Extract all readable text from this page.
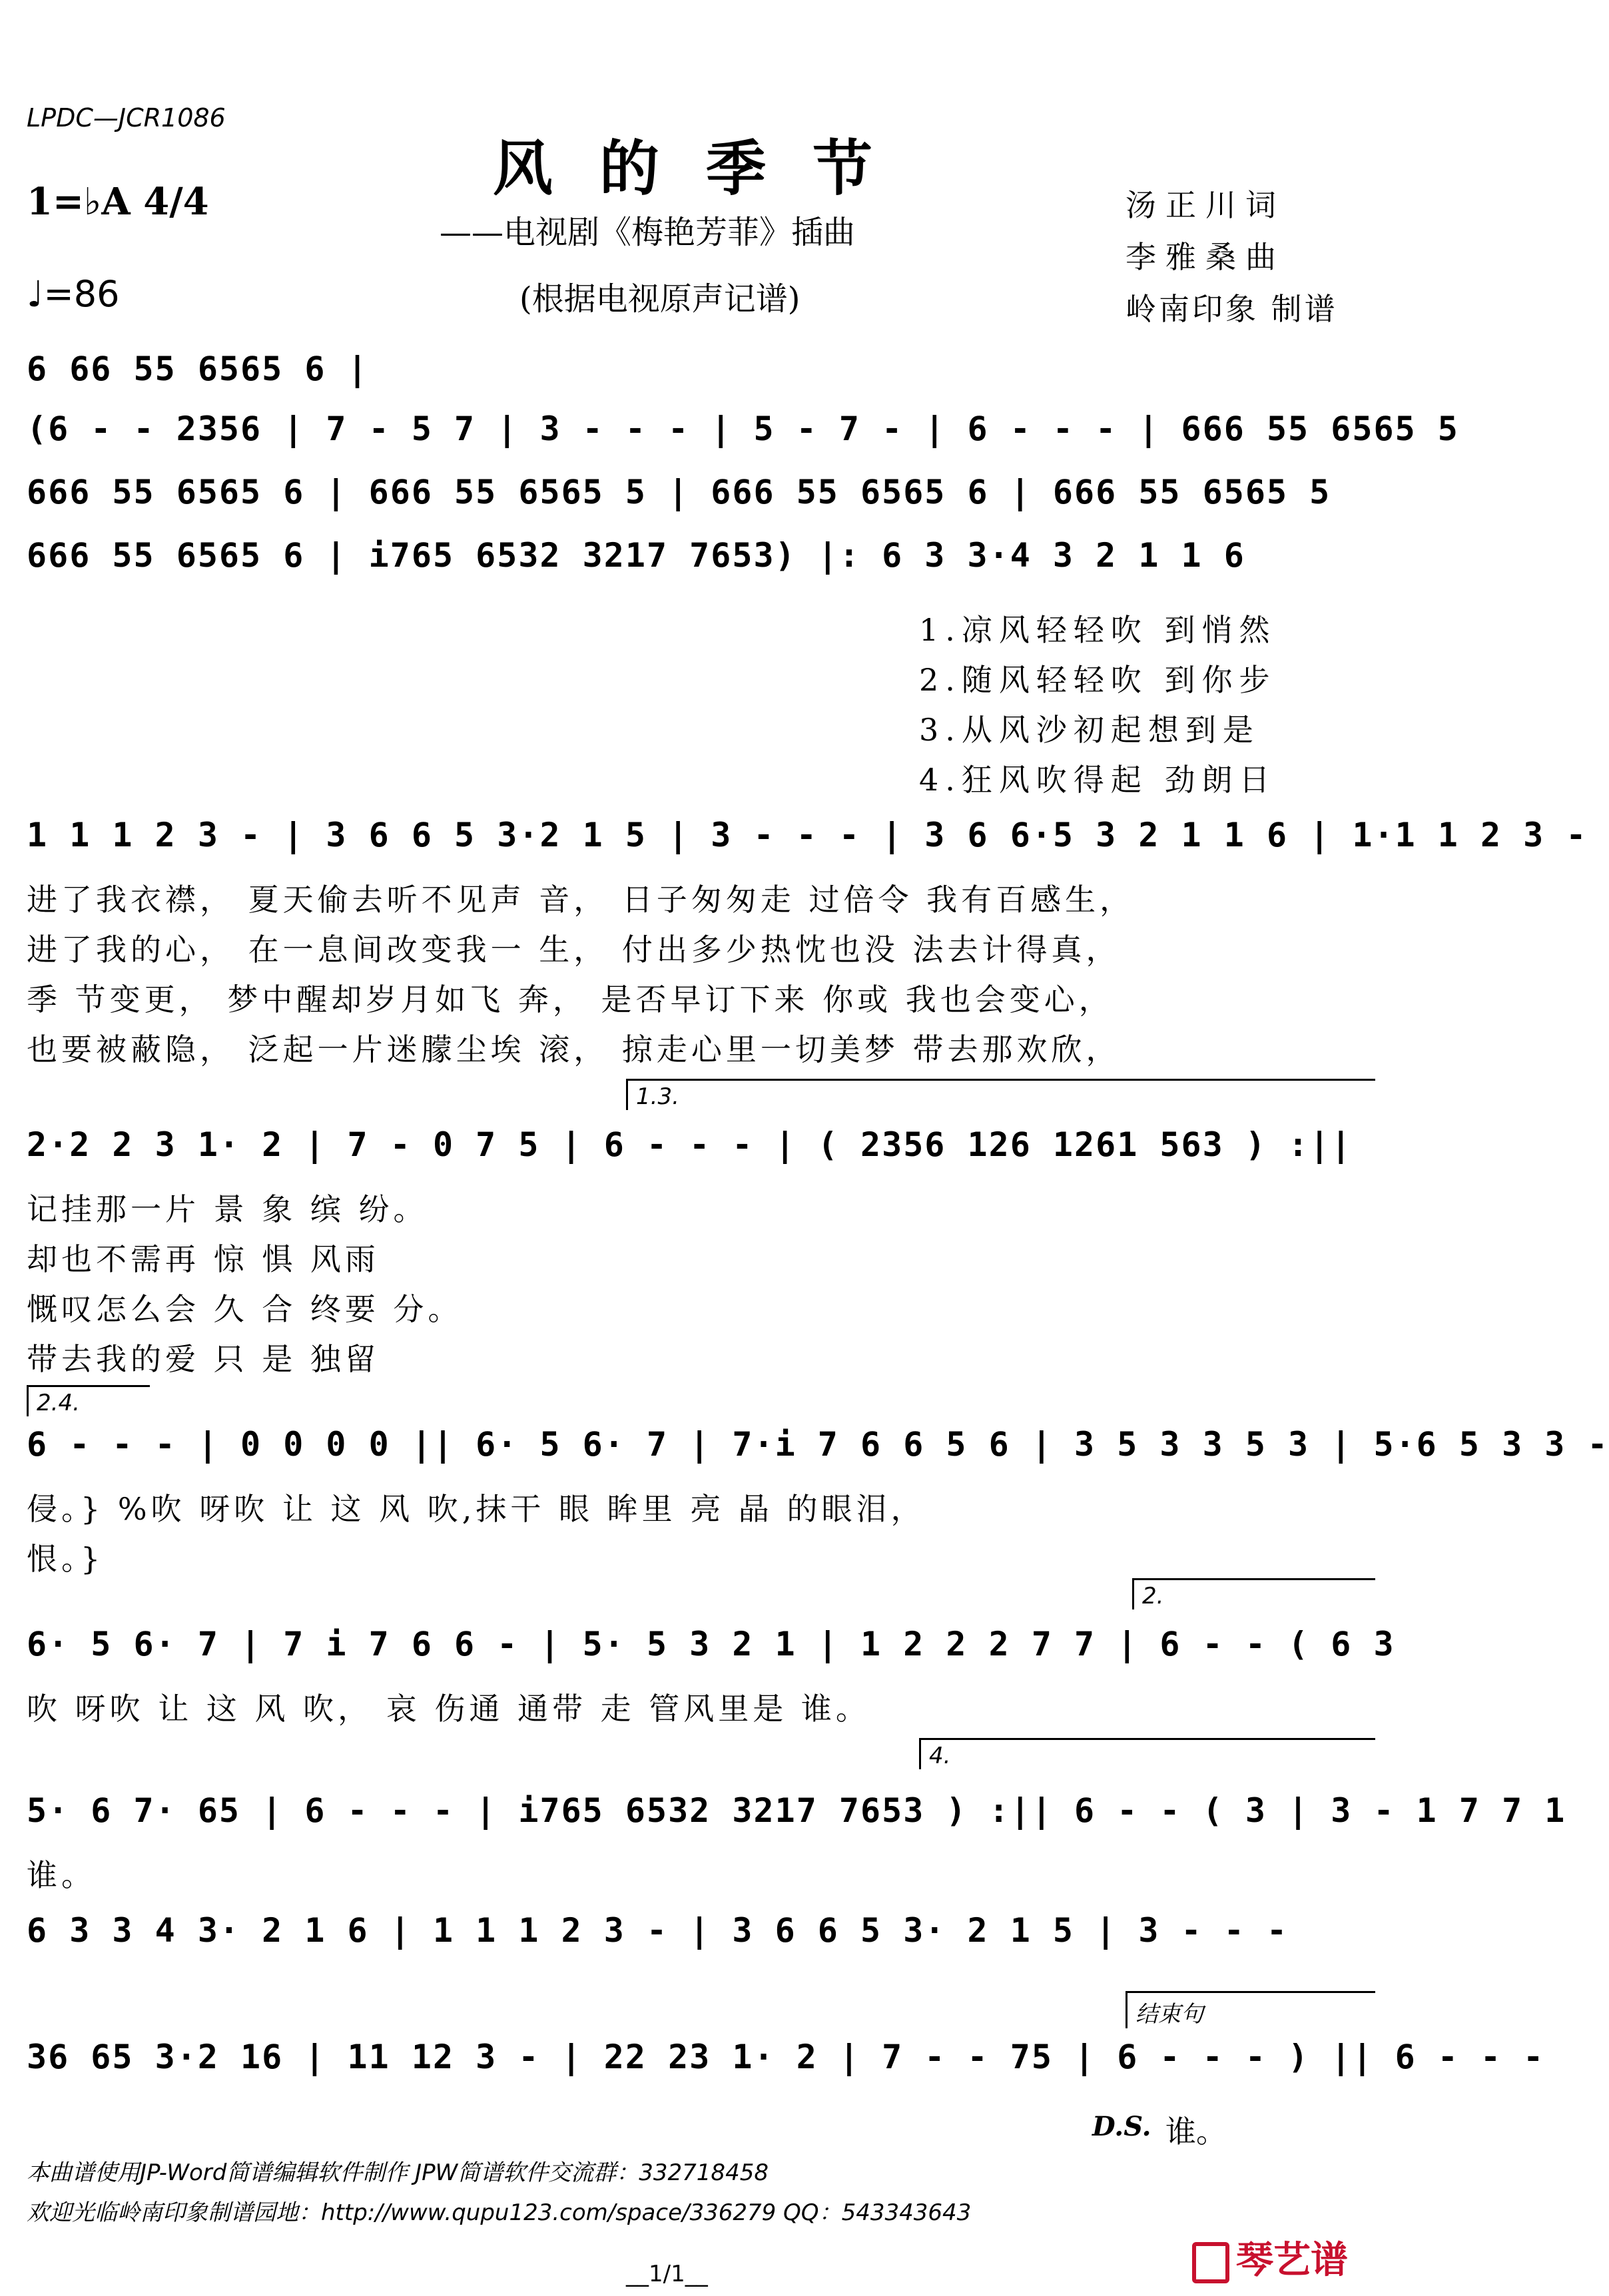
LPDC—JCR1086
风的季节
——电视剧《梅艳芳菲》插曲
(根据电视原声记谱)
1=♭A 4/4
♩=86
汤正川词
李雅桑曲
岭南印象 制谱
6 66 55 6565 6 |
(6 - - 2356 | 7 - 5 7 | 3 - - - | 5 - 7 - | 6 - - - | 666 55 6565 5
666 55 6565 6 | 666 55 6565 5 | 666 55 6565 6 | 666 55 6565 5
666 55 6565 6 | i765 6532 3217 7653) |: 6 3 3·4 3 2 1 1 6
1 1 1 2 3 - | 3 6 6 5 3·2 1 5 | 3 - - - | 3 6 6·5 3 2 1 1 6 | 1·1 1 2 3 -
进了我衣襟， 夏天偷去听不见声 音， 日子匆匆走 过倍令 我有百感生，
进了我的心， 在一息间改变我一 生， 付出多少热忱也没 法去计得真，
季 节变更， 梦中醒却岁月如飞 奔， 是否早订下来 你或 我也会变心，
也要被蔽隐， 泛起一片迷朦尘埃 滚， 掠走心里一切美梦 带去那欢欣，
2·2 2 3 1· 2 | 7 - 0 7 5 | 6 - - - | ( 2356 126 1261 563 ) :||
记挂那一片 景 象 缤 纷。
却也不需再 惊 惧 风雨
慨叹怎么会 久 合 终要 分。
带去我的爱 只 是 独留
6 - - - | 0 0 0 0 || 6· 5 6· 7 | 7·i 7 6 6 5 6 | 3 5 3 3 5 3 | 5·6 5 3 3 -
侵。} %吹 呀吹 让 这 风 吹,抹干 眼 眸里 亮 晶 的眼泪，
恨。}
6· 5 6· 7 | 7 i 7 6 6 - | 5· 5 3 2 1 | 1 2 2 2 7 7 | 6 - - ( 6 3
吹 呀吹 让 这 风 吹， 哀 伤通 通带 走 管风里是 谁。
5· 6 7· 65 | 6 - - - | i765 6532 3217 7653 ) :|| 6 - - ( 3 | 3 - 1 7 7 1
谁。
6 3 3 4 3· 2 1 6 | 1 1 1 2 3 - | 3 6 6 5 3· 2 1 5 | 3 - - -
36 65 3·2 16 | 11 12 3 - | 22 23 1· 2 | 7 - - 75 | 6 - - - ) || 6 - - -
1.凉风轻轻吹 到悄然
2.随风轻轻吹 到你步
3.从风沙初起想到是
4.狂风吹得起 劲朗日
1.3.
2.4.
2.
4.
结束句
D.S. 谁。
本曲谱使用JP-Word简谱编辑软件制作 JPW简谱软件交流群：332718458
欢迎光临岭南印象制谱园地：http://www.qupu123.com/space/336279 QQ：543343643
__1/1__	琴艺谱
